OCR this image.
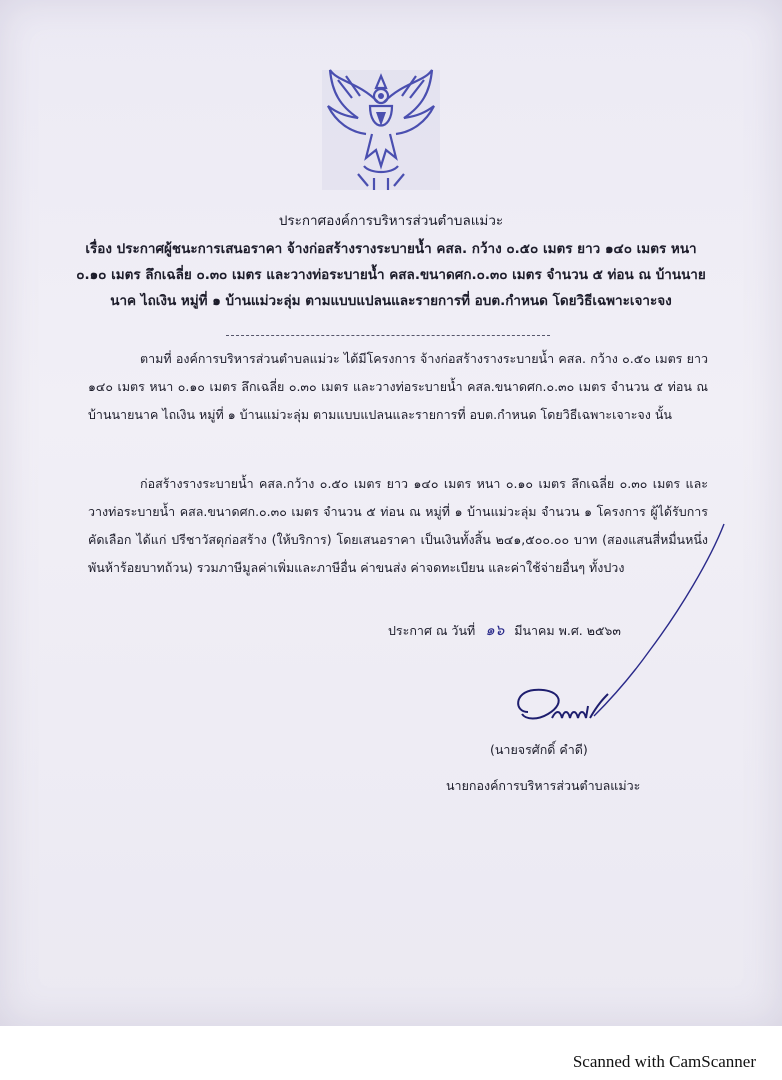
ประกาศองค์การบริหารส่วนตำบลแม่วะ
เรื่อง ประกาศผู้ชนะการเสนอราคา จ้างก่อสร้างรางระบายน้ำ คสล. กว้าง ๐.๕๐ เมตร ยาว ๑๔๐ เมตร หนา
๐.๑๐ เมตร ลึกเฉลี่ย ๐.๓๐ เมตร และวางท่อระบายน้ำ คสล.ขนาดศก.๐.๓๐ เมตร จำนวน ๕ ท่อน ณ บ้านนาย
นาค ไถเงิน หมู่ที่ ๑ บ้านแม่วะลุ่ม ตามแบบแปลนและรายการที่ อบต.กำหนด โดยวิธีเฉพาะเจาะจง
ตามที่ องค์การบริหารส่วนตำบลแม่วะ ได้มีโครงการ จ้างก่อสร้างรางระบายน้ำ คสล. กว้าง ๐.๕๐ เมตร ยาว ๑๔๐ เมตร หนา ๐.๑๐ เมตร ลึกเฉลี่ย ๐.๓๐ เมตร และวางท่อระบายน้ำ คสล.ขนาดศก.๐.๓๐ เมตร จำนวน ๕ ท่อน ณ บ้านนายนาค ไถเงิน หมู่ที่ ๑ บ้านแม่วะลุ่ม ตามแบบแปลนและรายการที่ อบต.กำหนด โดยวิธีเฉพาะเจาะจง นั้น
ก่อสร้างรางระบายน้ำ คสล.กว้าง ๐.๕๐ เมตร ยาว ๑๔๐ เมตร หนา ๐.๑๐ เมตร ลึกเฉลี่ย ๐.๓๐ เมตร และวางท่อระบายน้ำ คสล.ขนาดศก.๐.๓๐ เมตร จำนวน ๕ ท่อน ณ หมู่ที่ ๑ บ้านแม่วะลุ่ม จำนวน ๑ โครงการ ผู้ได้รับการคัดเลือก ได้แก่ ปรีชาวัสดุก่อสร้าง (ให้บริการ) โดยเสนอราคา เป็นเงินทั้งสิ้น ๒๔๑,๕๐๐.๐๐ บาท (สองแสนสี่หมื่นหนึ่งพันห้าร้อยบาทถ้วน) รวมภาษีมูลค่าเพิ่มและภาษีอื่น ค่าขนส่ง ค่าจดทะเบียน และค่าใช้จ่ายอื่นๆ ทั้งปวง
ประกาศ ณ วันที่ ๑๖ มีนาคม พ.ศ. ๒๕๖๓
(นายจรศักดิ์ คำดี)
นายกองค์การบริหารส่วนตำบลแม่วะ
Scanned with CamScanner
